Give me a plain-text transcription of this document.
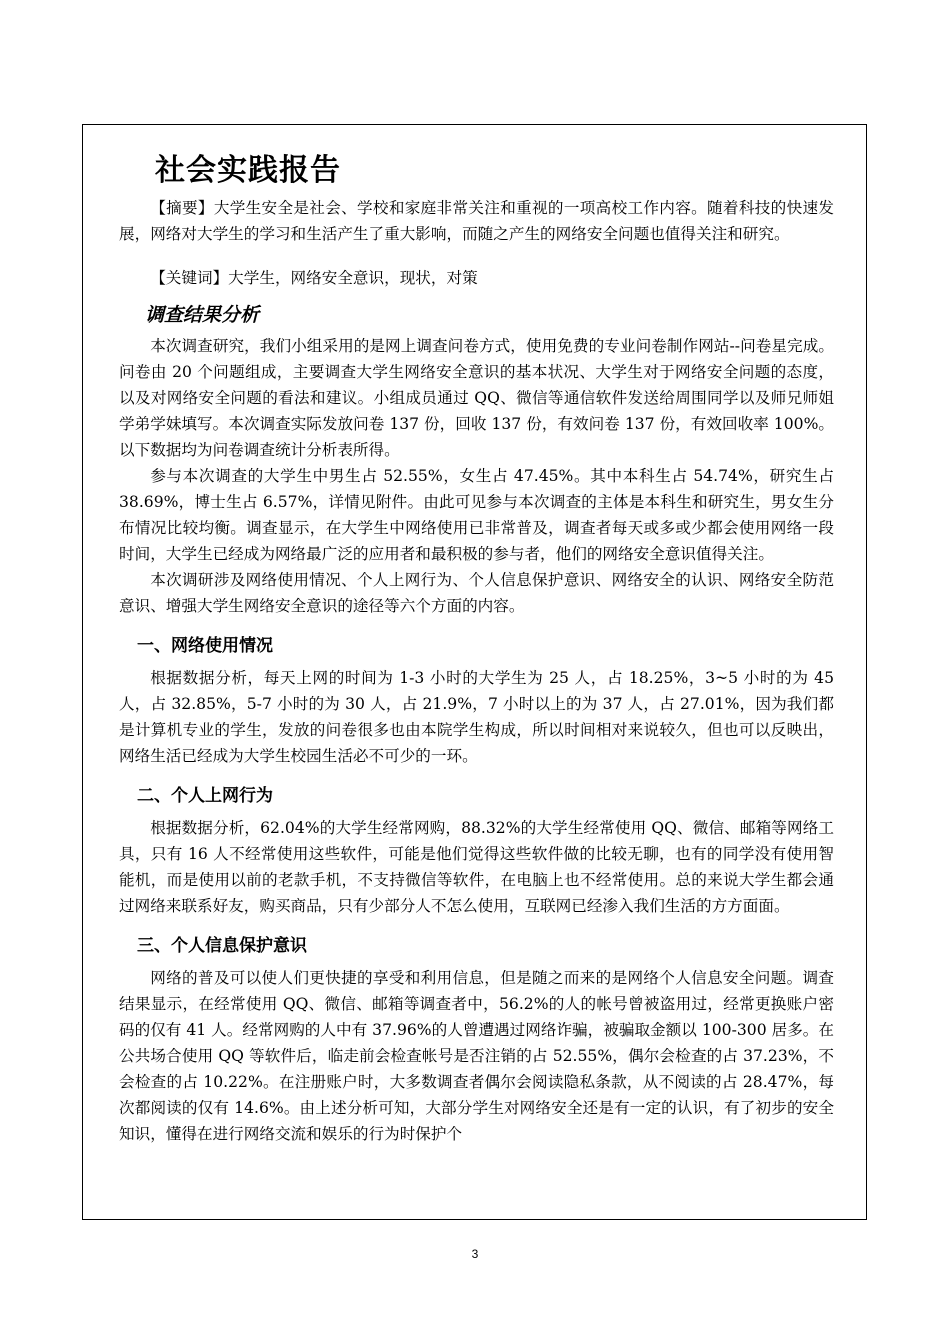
社会实践报告

【摘要】大学生安全是社会、学校和家庭非常关注和重视的一项高校工作内容。随着科技的快速发展，网络对大学生的学习和生活产生了重大影响，而随之产生的网络安全问题也值得关注和研究。

【关键词】大学生，网络安全意识，现状，对策

调查结果分析

本次调查研究，我们小组采用的是网上调查问卷方式，使用免费的专业问卷制作网站--问卷星完成。问卷由 20 个问题组成，主要调查大学生网络安全意识的基本状况、大学生对于网络安全问题的态度，以及对网络安全问题的看法和建议。小组成员通过 QQ、微信等通信软件发送给周围同学以及师兄师姐学弟学妹填写。本次调查实际发放问卷 137 份，回收 137 份，有效问卷 137 份，有效回收率 100%。以下数据均为问卷调查统计分析表所得。

参与本次调查的大学生中男生占 52.55%，女生占 47.45%。其中本科生占 54.74%，研究生占 38.69%，博士生占 6.57%，详情见附件。由此可见参与本次调查的主体是本科生和研究生，男女生分布情况比较均衡。调查显示，在大学生中网络使用已非常普及，调查者每天或多或少都会使用网络一段时间，大学生已经成为网络最广泛的应用者和最积极的参与者，他们的网络安全意识值得关注。

本次调研涉及网络使用情况、个人上网行为、个人信息保护意识、网络安全的认识、网络安全防范意识、增强大学生网络安全意识的途径等六个方面的内容。

一、网络使用情况

根据数据分析，每天上网的时间为 1-3 小时的大学生为 25 人，占 18.25%，3~5 小时的为 45 人，占 32.85%，5-7 小时的为 30 人，占 21.9%，7 小时以上的为 37 人，占 27.01%，因为我们都是计算机专业的学生，发放的问卷很多也由本院学生构成，所以时间相对来说较久，但也可以反映出，网络生活已经成为大学生校园生活必不可少的一环。

二、个人上网行为

根据数据分析，62.04%的大学生经常网购，88.32%的大学生经常使用 QQ、微信、邮箱等网络工具，只有 16 人不经常使用这些软件，可能是他们觉得这些软件做的比较无聊，也有的同学没有使用智能机，而是使用以前的老款手机，不支持微信等软件，在电脑上也不经常使用。总的来说大学生都会通过网络来联系好友，购买商品，只有少部分人不怎么使用，互联网已经渗入我们生活的方方面面。

三、个人信息保护意识

网络的普及可以使人们更快捷的享受和利用信息，但是随之而来的是网络个人信息安全问题。调查结果显示，在经常使用 QQ、微信、邮箱等调查者中，56.2%的人的帐号曾被盗用过，经常更换账户密码的仅有 41 人。经常网购的人中有 37.96%的人曾遭遇过网络诈骗，被骗取金额以 100-300 居多。在公共场合使用 QQ 等软件后，临走前会检查帐号是否注销的占 52.55%，偶尔会检查的占 37.23%，不会检查的占 10.22%。在注册账户时，大多数调查者偶尔会阅读隐私条款，从不阅读的占 28.47%，每次都阅读的仅有 14.6%。由上述分析可知，大部分学生对网络安全还是有一定的认识，有了初步的安全知识，懂得在进行网络交流和娱乐的行为时保护个

3
